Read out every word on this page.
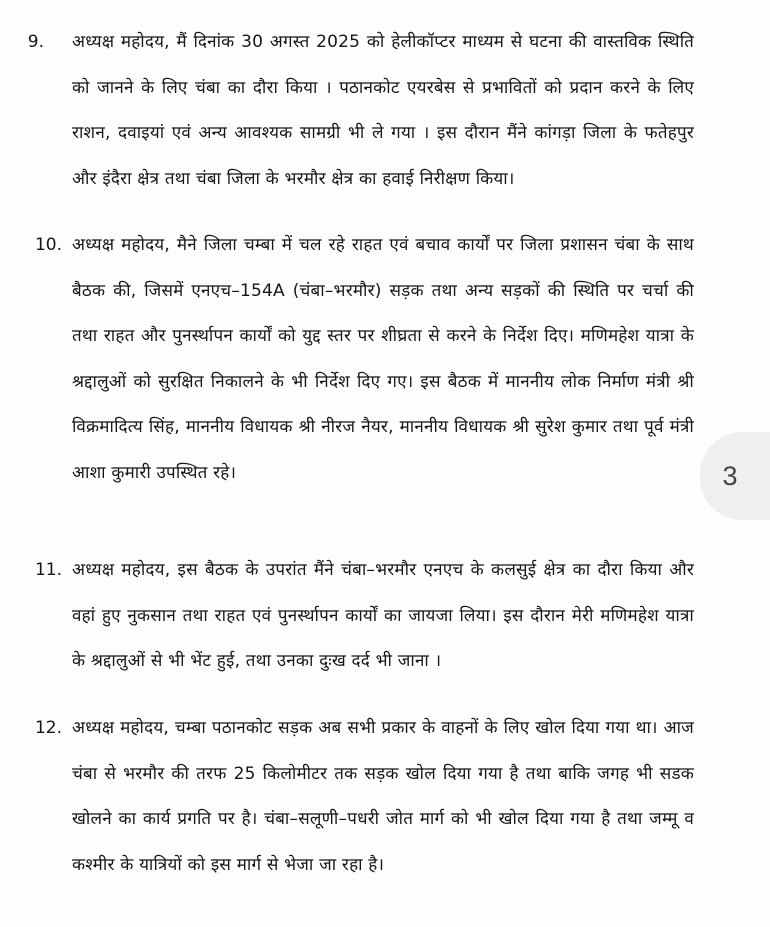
9. अध्यक्ष महोदय, मैं दिनांक 30 अगस्त 2025 को हेलीकॉप्टर माध्यम से घटना की वास्तविक स्थिति को जानने के लिए चंबा का दौरा किया । पठानकोट एयरबेस से प्रभावितों को प्रदान करने के लिए राशन, दवाइयां एवं अन्य आवश्यक सामग्री भी ले गया । इस दौरान मैंने कांगड़ा जिला के फतेहपुर और इंदैरा क्षेत्र तथा चंबा जिला के भरमौर क्षेत्र का हवाई निरीक्षण किया।
10. अध्यक्ष महोदय, मैने जिला चम्बा में चल रहे राहत एवं बचाव कार्यों पर जिला प्रशासन चंबा के साथ बैठक की, जिसमें एनएच–154A (चंबा–भरमौर) सड़क तथा अन्य सड़कों की स्थिति पर चर्चा की तथा राहत और पुनर्स्थापन कार्यों को युद्द स्तर पर शीघ्रता से करने के निर्देश दिए। मणिमहेश यात्रा के श्रद्दालुओं को सुरक्षित निकालने के भी निर्देश दिए गए। इस बैठक में माननीय लोक निर्माण मंत्री श्री विक्रमादित्य सिंह, माननीय विधायक श्री नीरज नैयर, माननीय विधायक श्री सुरेश कुमार तथा पूर्व मंत्री आशा कुमारी उपस्थित रहे।
11. अध्यक्ष महोदय, इस बैठक के उपरांत मैंने चंबा–भरमौर एनएच के कलसुई क्षेत्र का दौरा किया और वहां हुए नुकसान तथा राहत एवं पुनर्स्थापन कार्यों का जायजा लिया। इस दौरान मेरी मणिमहेश यात्रा के श्रद्दालुओं से भी भेंट हुई, तथा उनका दुःख दर्द भी जाना ।
12. अध्यक्ष महोदय, चम्बा पठानकोट सड़क अब सभी प्रकार के वाहनों के लिए खोल दिया गया था। आज चंबा से भरमौर की तरफ 25 किलोमीटर तक सड़क खोल दिया गया है तथा बाकि जगह भी सडक खोलने का कार्य प्रगति पर है। चंबा–सलूणी–पधरी जोत मार्ग को भी खोल दिया गया है तथा जम्मू व कश्मीर के यात्रियों को इस मार्ग से भेजा जा रहा है।
3
